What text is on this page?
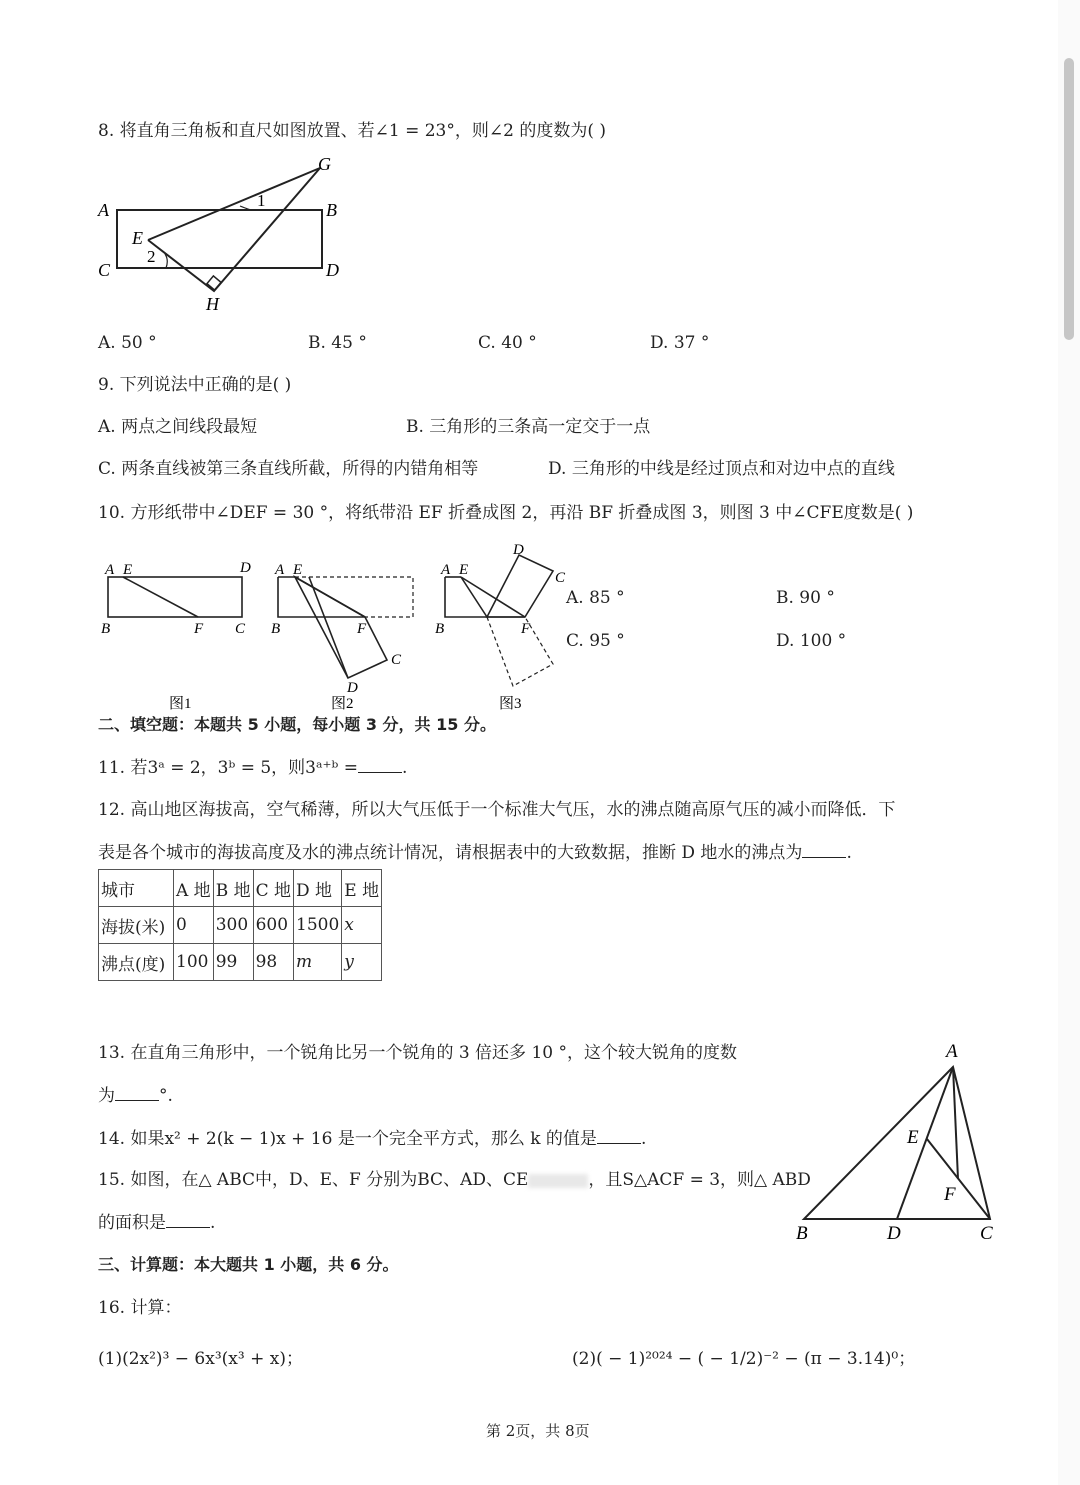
8. 将直角三角板和直尺如图放置、若∠1 = 23°，则∠2 的度数为( )
A	B
C	D
E
G
H
1
2
A. 50 °	B. 45 °	C. 40 °	D. 37 °
9. 下列说法中正确的是( )
A. 两点之间线段最短	B. 三角形的三条高一定交于一点
C. 两条直线被第三条直线所截，所得的内错角相等	D. 三角形的中线是经过顶点和对边中点的直线
10. 方形纸带中∠DEF = 30 °，将纸带沿 EF 折叠成图 2，再沿 BF 折叠成图 3，则图 3 中∠CFE度数是( )
A E	D
B	F C
图1
A E
B	F
C
D
图2
A E
D
C
B	F
图3
A. 85 °	B. 90 °
C. 95 °	D. 100 °
二、填空题：本题共 5 小题，每小题 3 分，共 15 分。
11. 若3ᵃ = 2，3ᵇ = 5，则3ᵃ⁺ᵇ =	.
12. 高山地区海拔高，空气稀薄，所以大气压低于一个标准大气压，水的沸点随高原气压的减小而降低．下
表是各个城市的海拔高度及水的沸点统计情况，请根据表中的大致数据，推断 D 地水的沸点为	.
城市	A 地	B 地	C 地	D 地	E 地
海拔(米)	0	300	600	1500	x
沸点(度)	100	99	98	m	y
13. 在直角三角形中，一个锐角比另一个锐角的 3 倍还多 10 °，这个较大锐角的度数
为	°.
14. 如果x² + 2(k − 1)x + 16 是一个完全平方式，那么 k 的值是	.
15. 如图，在△ ABC中，D、E、F 分别为BC、AD、CE	，且S△ACF = 3，则△ ABD
的面积是	.
A
B	D	C
E
F
三、计算题：本大题共 1 小题，共 6 分。
16. 计算：
(1)(2x²)³ − 6x³(x³ + x)；	(2)( − 1)²⁰²⁴ − ( − 1/2)⁻² − (π − 3.14)⁰；
第 2页，共 8页
